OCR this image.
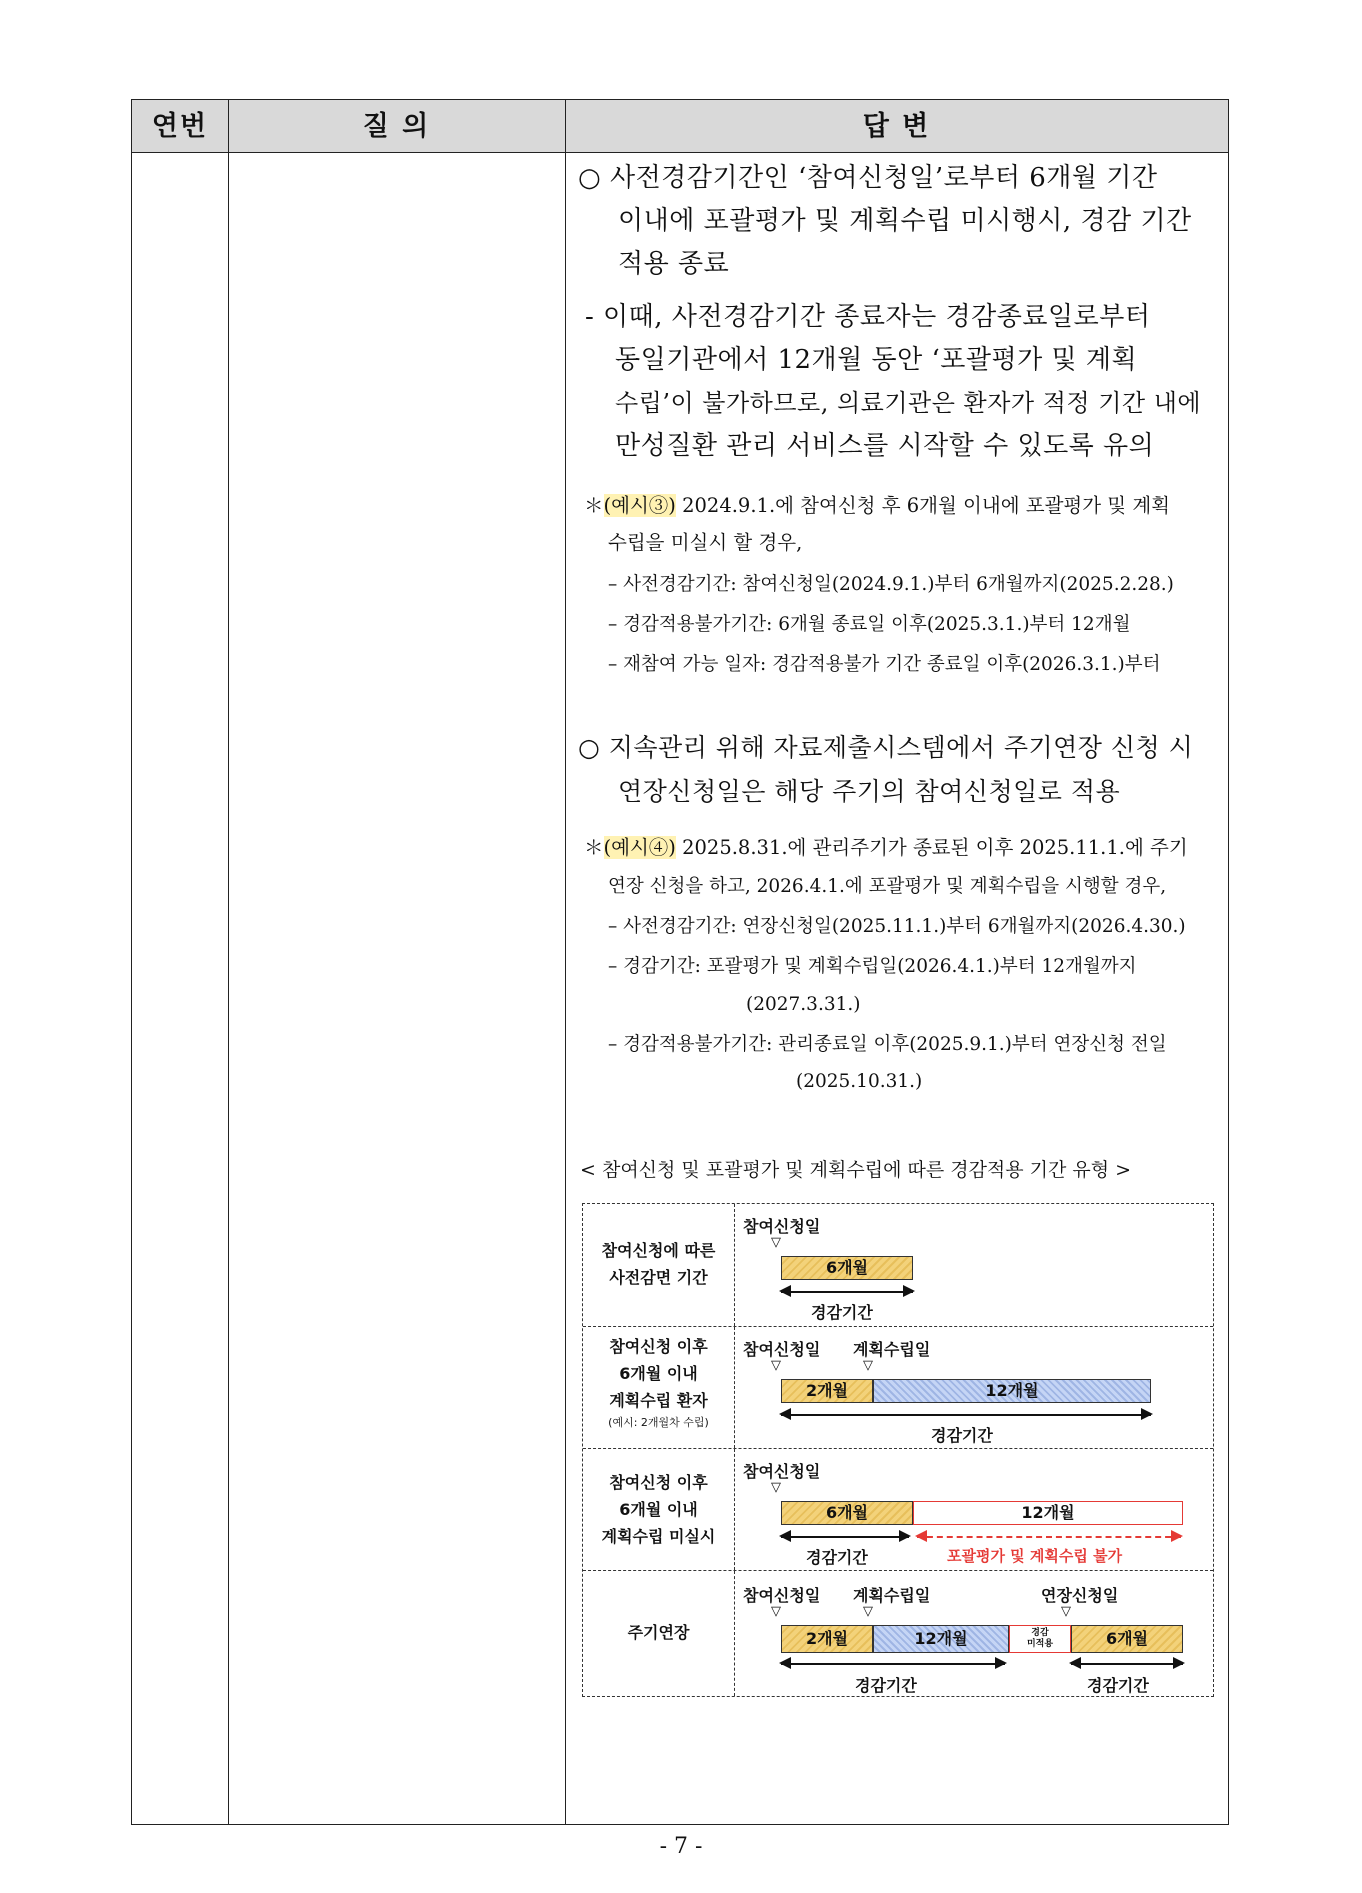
연번	질 의	답 변
○ 사전경감기간인 ‘참여신청일’로부터 6개월 기간
이내에 포괄평가 및 계획수립 미시행시, 경감 기간
적용 종료
- 이때, 사전경감기간 종료자는 경감종료일로부터
동일기관에서 12개월 동안 ‘포괄평가 및 계획
수립’이 불가하므로, 의료기관은 환자가 적정 기간 내에
만성질환 관리 서비스를 시작할 수 있도록 유의
＊(예시③) 2024.9.1.에 참여신청 후 6개월 이내에 포괄평가 및 계획
수립을 미실시 할 경우,
– 사전경감기간: 참여신청일(2024.9.1.)부터 6개월까지(2025.2.28.)
– 경감적용불가기간: 6개월 종료일 이후(2025.3.1.)부터 12개월
– 재참여 가능 일자: 경감적용불가 기간 종료일 이후(2026.3.1.)부터
○ 지속관리 위해 자료제출시스템에서 주기연장 신청 시
연장신청일은 해당 주기의 참여신청일로 적용
＊(예시④) 2025.8.31.에 관리주기가 종료된 이후 2025.11.1.에 주기
연장 신청을 하고, 2026.4.1.에 포괄평가 및 계획수립을 시행할 경우,
– 사전경감기간: 연장신청일(2025.11.1.)부터 6개월까지(2026.4.30.)
– 경감기간: 포괄평가 및 계획수립일(2026.4.1.)부터 12개월까지
(2027.3.31.)
– 경감적용불가기간: 관리종료일 이후(2025.9.1.)부터 연장신청 전일
(2025.10.31.)
< 참여신청 및 포괄평가 및 계획수립에 따른 경감적용 기간 유형 >
참여신청에 따른
사전감면 기간
참여신청일
▽
6개월
경감기간
참여신청 이후
6개월 이내
계획수립 환자
(예시: 2개월차 수립)
참여신청일 계획수립일
▽	▽
2개월	12개월
경감기간
참여신청 이후
6개월 이내
계획수립 미실시
참여신청일
▽
6개월	12개월
경감기간	포괄평가 및 계획수립 불가
주기연장
참여신청일 계획수립일	연장신청일
▽	▽	▽
2개월	12개월	경감
미적용	6개월
경감기간	경감기간
- 7 -
